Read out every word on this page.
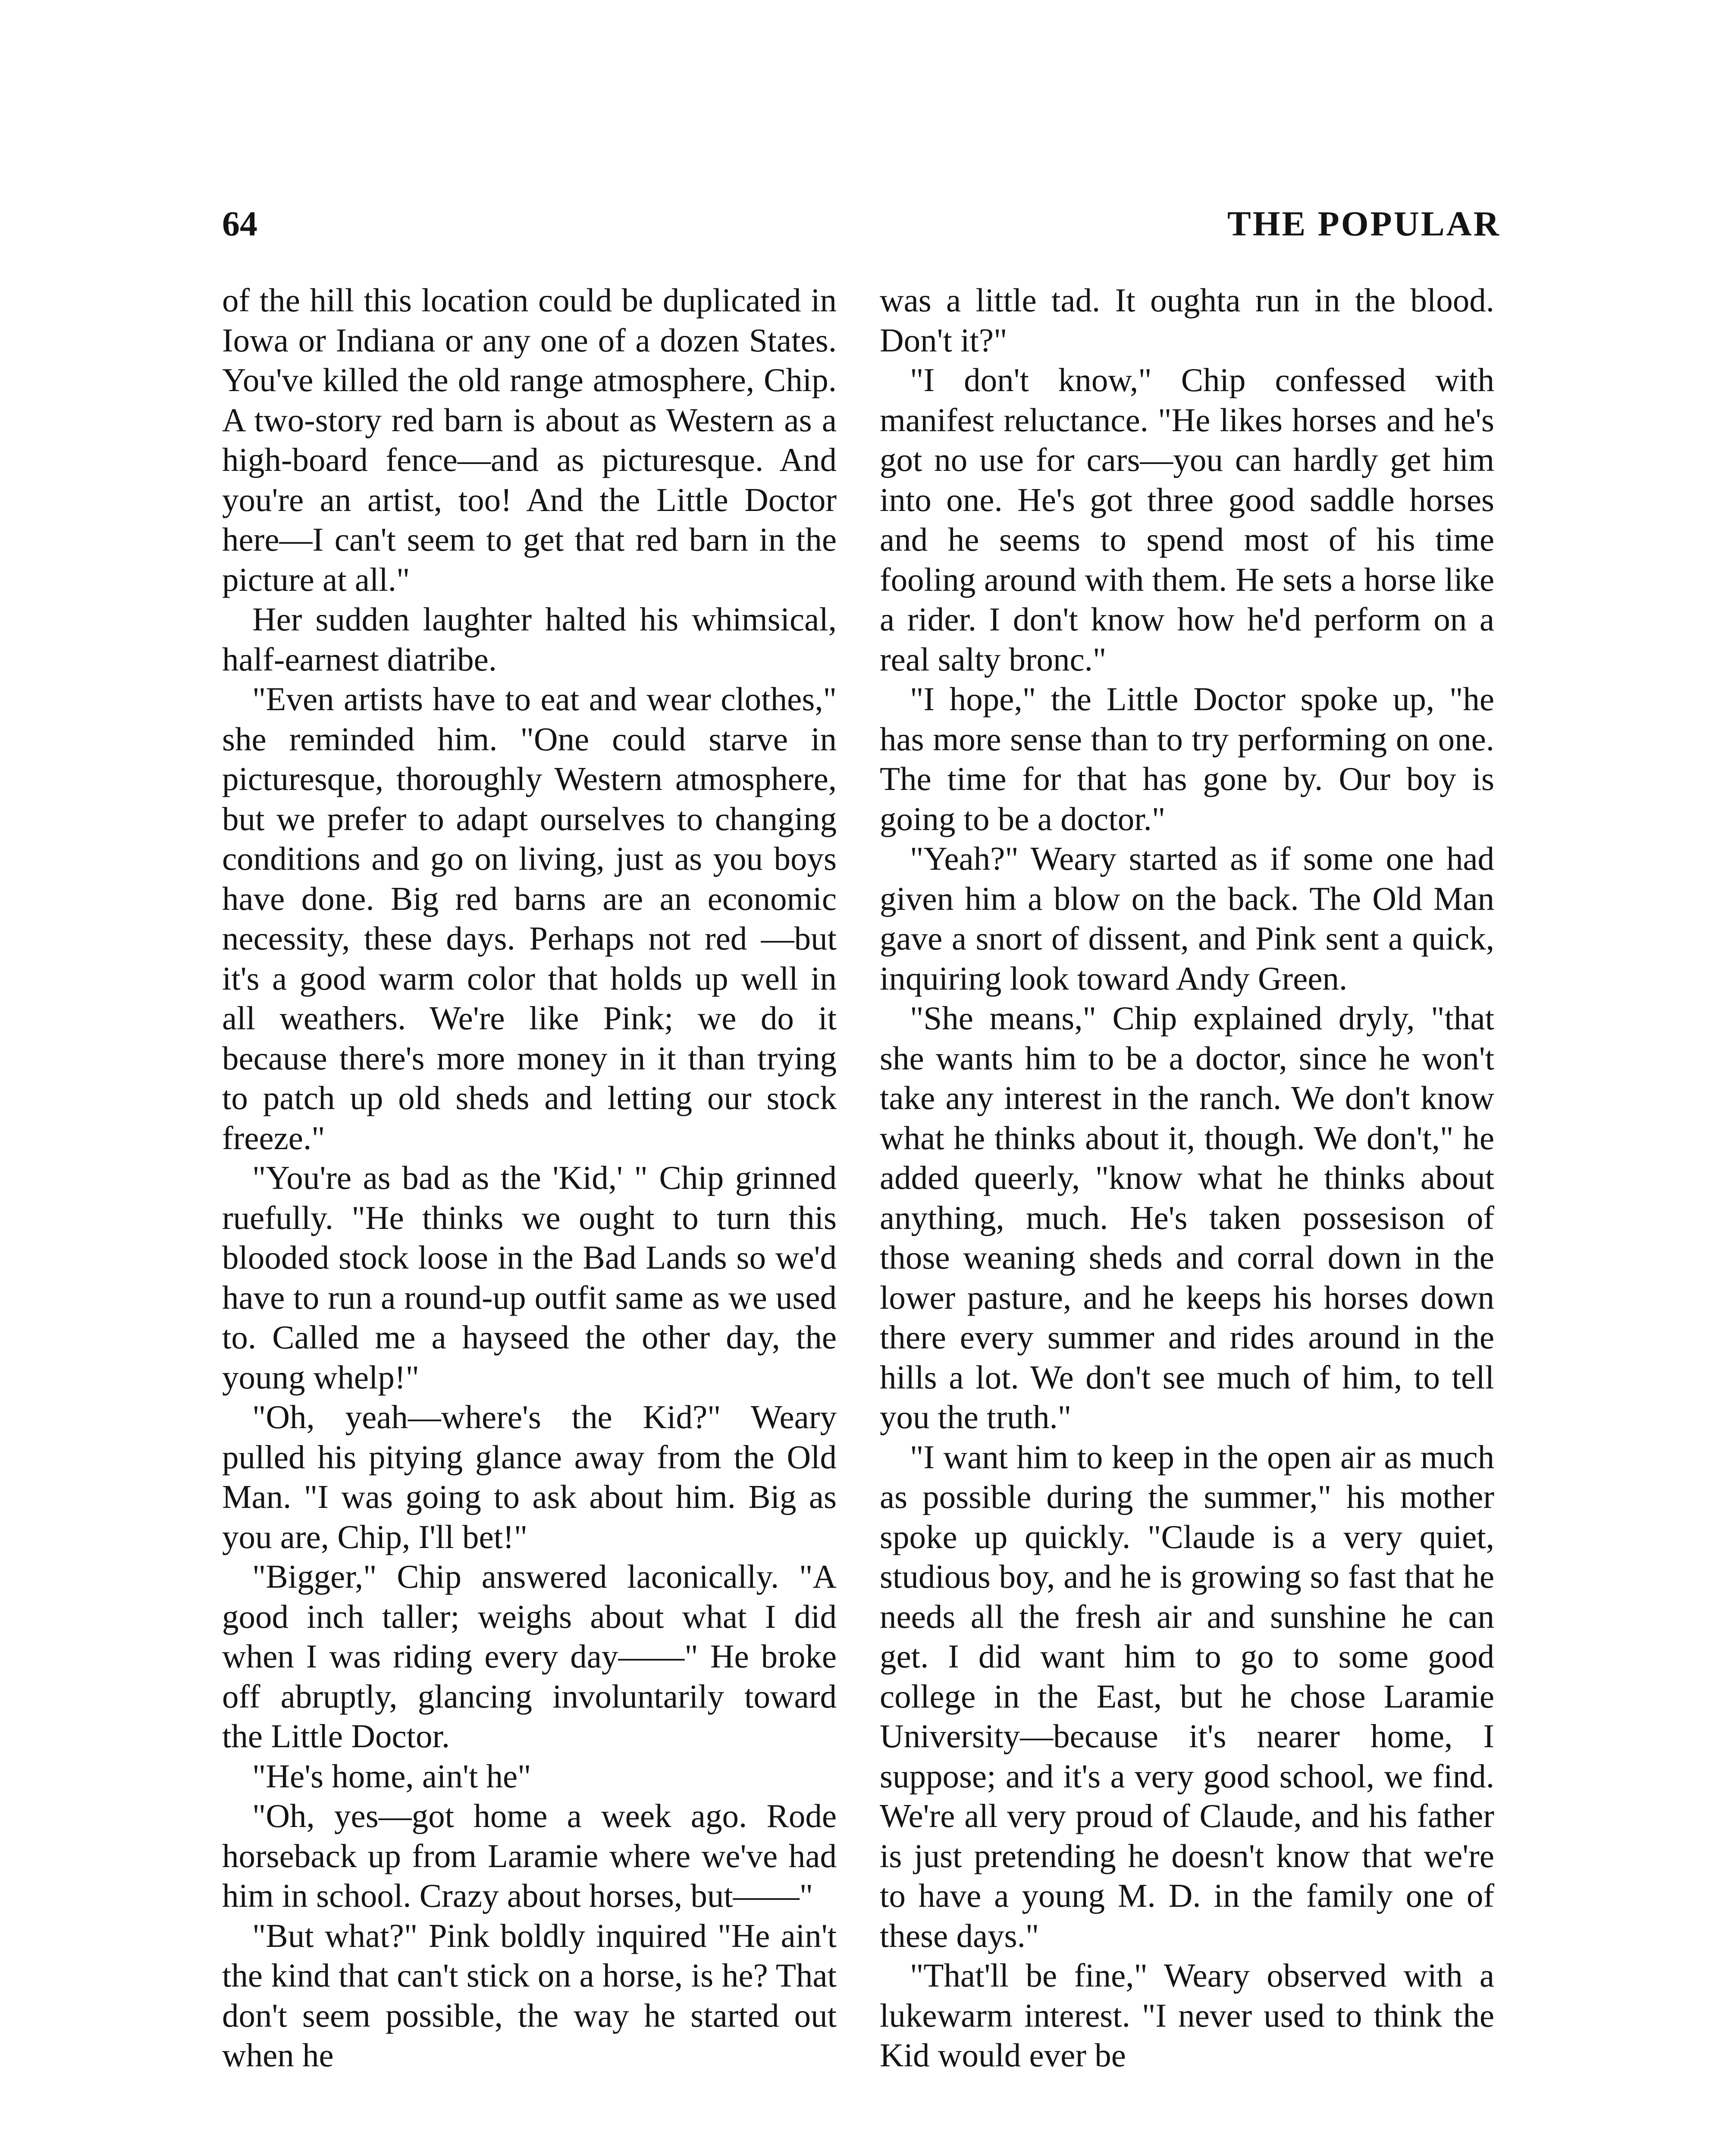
64	THE POPULAR

of the hill this location could be duplicated in Iowa or Indiana or any one of a dozen States. You've killed the old range atmosphere, Chip. A two-story red barn is about as Western as a high-board fence—and as picturesque. And you're an artist, too! And the Little Doctor here—I can't seem to get that red barn in the picture at all."

Her sudden laughter halted his whimsical, half-earnest diatribe.

"Even artists have to eat and wear clothes," she reminded him. "One could starve in picturesque, thoroughly Western atmosphere, but we prefer to adapt ourselves to changing conditions and go on living, just as you boys have done. Big red barns are an economic necessity, these days. Perhaps not red —but it's a good warm color that holds up well in all weathers. We're like Pink; we do it because there's more money in it than trying to patch up old sheds and letting our stock freeze."

"You're as bad as the 'Kid,' " Chip grinned ruefully. "He thinks we ought to turn this blooded stock loose in the Bad Lands so we'd have to run a round-up outfit same as we used to. Called me a hayseed the other day, the young whelp!"

"Oh, yeah—where's the Kid?" Weary pulled his pitying glance away from the Old Man. "I was going to ask about him. Big as you are, Chip, I'll bet!"

"Bigger," Chip answered laconically. "A good inch taller; weighs about what I did when I was riding every day——" He broke off abruptly, glancing involuntarily toward the Little Doctor.

"He's home, ain't he"

"Oh, yes—got home a week ago. Rode horseback up from Laramie where we've had him in school. Crazy about horses, but——"

"But what?" Pink boldly inquired "He ain't the kind that can't stick on a horse, is he? That don't seem possible, the way he started out when he

was a little tad. It oughta run in the blood. Don't it?"

"I don't know," Chip confessed with manifest reluctance. "He likes horses and he's got no use for cars—you can hardly get him into one. He's got three good saddle horses and he seems to spend most of his time fooling around with them. He sets a horse like a rider. I don't know how he'd perform on a real salty bronc."

"I hope," the Little Doctor spoke up, "he has more sense than to try performing on one. The time for that has gone by. Our boy is going to be a doctor."

"Yeah?" Weary started as if some one had given him a blow on the back. The Old Man gave a snort of dissent, and Pink sent a quick, inquiring look toward Andy Green.

"She means," Chip explained dryly, "that she wants him to be a doctor, since he won't take any interest in the ranch. We don't know what he thinks about it, though. We don't," he added queerly, "know what he thinks about anything, much. He's taken possesison of those weaning sheds and corral down in the lower pasture, and he keeps his horses down there every summer and rides around in the hills a lot. We don't see much of him, to tell you the truth."

"I want him to keep in the open air as much as possible during the summer," his mother spoke up quickly. "Claude is a very quiet, studious boy, and he is growing so fast that he needs all the fresh air and sunshine he can get. I did want him to go to some good college in the East, but he chose Laramie University—because it's nearer home, I suppose; and it's a very good school, we find. We're all very proud of Claude, and his father is just pretending he doesn't know that we're to have a young M. D. in the family one of these days."

"That'll be fine," Weary observed with a lukewarm interest. "I never used to think the Kid would ever be
